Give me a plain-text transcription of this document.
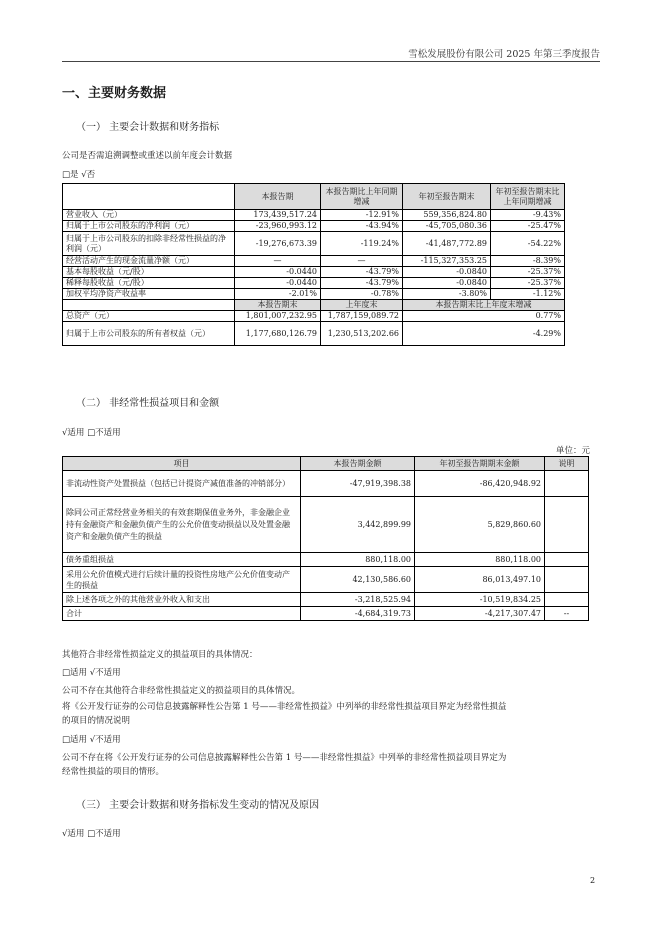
雪松发展股份有限公司 2025 年第三季度报告
一、主要财务数据
（一） 主要会计数据和财务指标
公司是否需追溯调整或重述以前年度会计数据
□是 √否
	本报告期	本报告期比上年同期增减	年初至报告期末	年初至报告期末比上年同期增减
营业收入（元）	173,439,517.24	-12.91%	559,356,824.80	-9.43%
归属于上市公司股东的净利润（元）	-23,960,993.12	-43.94%	-45,705,080.36	-25.47%
归属于上市公司股东的扣除非经常性损益的净利润（元）	-19,276,673.39	-119.24%	-41,487,772.89	-54.22%
经营活动产生的现金流量净额（元）	—	—	-115,327,353.25	-8.39%
基本每股收益（元/股）	-0.0440	-43.79%	-0.0840	-25.37%
稀释每股收益（元/股）	-0.0440	-43.79%	-0.0840	-25.37%
加权平均净资产收益率	-2.01%	-0.78%	-3.80%	-1.12%
	本报告期末	上年度末	本报告期末比上年度末增减	
总资产（元）	1,801,007,232.95	1,787,159,089.72	0.77%	
归属于上市公司股东的所有者权益（元）	1,177,680,126.79	1,230,513,202.66	-4.29%	
（二） 非经常性损益项目和金额
√适用 □不适用
单位：元
项目	本报告期金额	年初至报告期期末金额	说明
非流动性资产处置损益（包括已计提资产减值准备的冲销部分）	-47,919,398.38	-86,420,948.92	
除同公司正常经营业务相关的有效套期保值业务外，非金融企业持有金融资产和金融负债产生的公允价值变动损益以及处置金融资产和金融负债产生的损益	3,442,899.99	5,829,860.60	
债务重组损益	880,118.00	880,118.00	
采用公允价值模式进行后续计量的投资性房地产公允价值变动产生的损益	42,130,586.60	86,013,497.10	
除上述各项之外的其他营业外收入和支出	-3,218,525.94	-10,519,834.25	
合计	-4,684,319.73	-4,217,307.47	--
其他符合非经常性损益定义的损益项目的具体情况：
□适用 √不适用
公司不存在其他符合非经常性损益定义的损益项目的具体情况。
将《公开发行证券的公司信息披露解释性公告第 1 号——非经常性损益》中列举的非经常性损益项目界定为经常性损益
的项目的情况说明
□适用 √不适用
公司不存在将《公开发行证券的公司信息披露解释性公告第 1 号——非经常性损益》中列举的非经常性损益项目界定为
经常性损益的项目的情形。
（三） 主要会计数据和财务指标发生变动的情况及原因
√适用 □不适用
2
